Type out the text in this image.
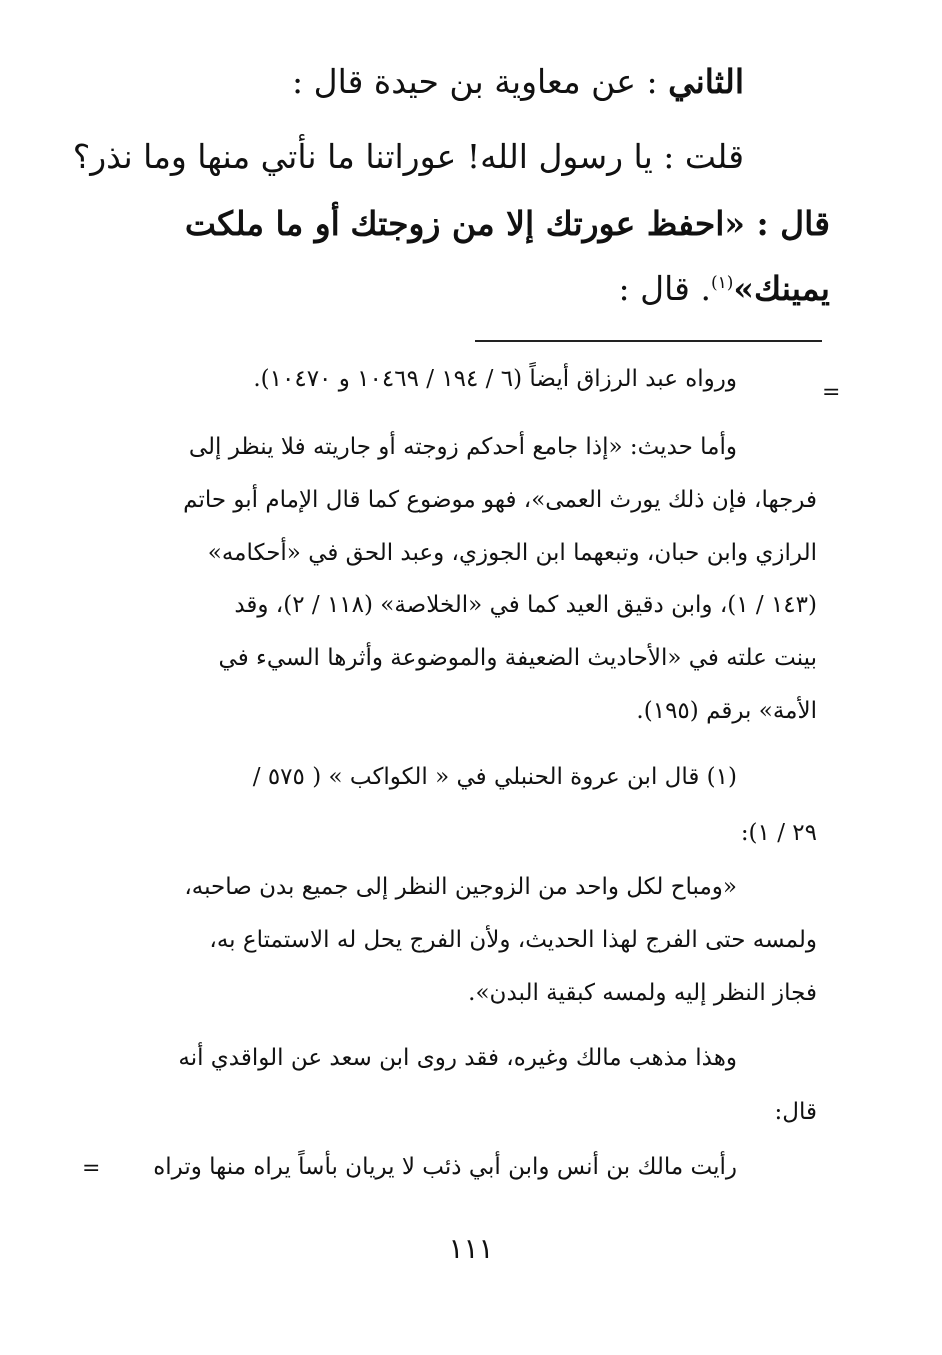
الثاني : عن معاوية بن حيدة قال :

قلت : يا رسول الله! عوراتنا ما نأتي منها وما نذر؟

قال : «احفظ عورتك إلا من زوجتك أو ما ملكت

يمينك»$^{(١)}$. قال :

ورواه عبد الرزاق أيضاً (٦ / ١٩٤ / ١٠٤٦٩ و ١٠٤٧٠).

=

وأما حديث: «إذا جامع أحدكم زوجته أو جاريته فلا ينظر إلى

فرجها، فإن ذلك يورث العمى»، فهو موضوع كما قال الإمام أبو حاتم

الرازي وابن حبان، وتبعهما ابن الجوزي، وعبد الحق في «أحكامه»

(١٤٣ / ١)، وابن دقيق العيد كما في «الخلاصة» (١١٨ / ٢)، وقد

بينت علته في «الأحاديث الضعيفة والموضوعة وأثرها السيء في

الأمة» برقم (١٩٥).

(١) قال ابن عروة الحنبلي في « الكواكب » ( ٥٧٥ /

٢٩ / ١):

«ومباح لكل واحد من الزوجين النظر إلى جميع بدن صاحبه،

ولمسه حتى الفرج لهذا الحديث، ولأن الفرج يحل له الاستمتاع به،

فجاز النظر إليه ولمسه كبقية البدن».

وهذا مذهب مالك وغيره، فقد روى ابن سعد عن الواقدي أنه

قال:

رأيت مالك بن أنس وابن أبي ذئب لا يريان بأساً يراه منها وتراه

=
١١١
